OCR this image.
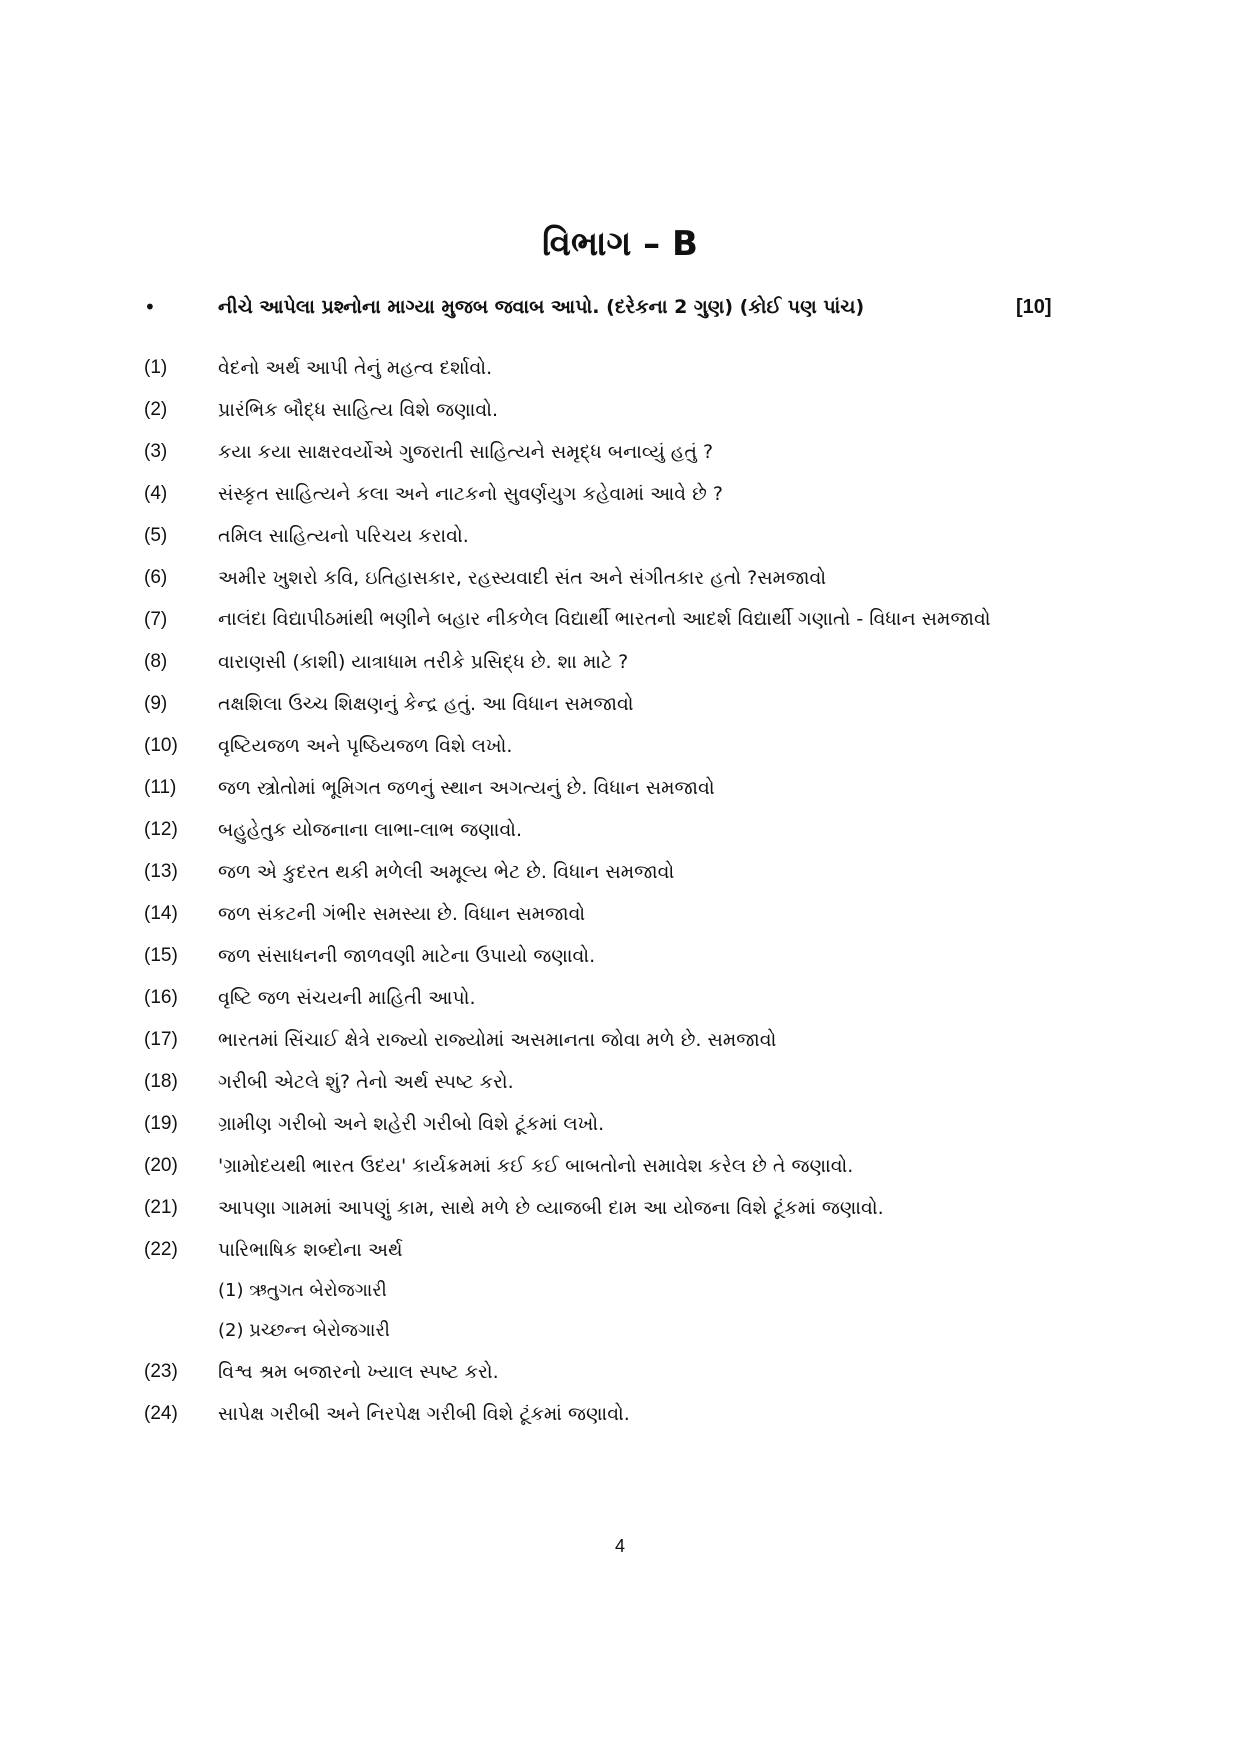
વિભાગ – B
•	નીચે આપેલા પ્રશ્નોના માગ્યા મુજબ જવાબ આપો. (દરેકના 2 ગુણ) (કોઈ પણ પાંચ)	[10]
(1)	વેદનો અર્થ આપી તેનું મહત્વ દર્શાવો.
(2)	પ્રારંભિક બૌદ્ધ સાહિત્ય વિશે જણાવો.
(3)	કયા કયા સાક્ષરવર્યોએ ગુજરાતી સાહિત્યને સમૃદ્ધ બનાવ્યું હતું ?
(4)	સંસ્કૃત સાહિત્યને કલા અને નાટકનો સુવર્ણયુગ કહેવામાં આવે છે ?
(5)	તમિલ સાહિત્યનો પરિચય કરાવો.
(6)	અમીર ખુશરો કવિ, ઇતિહાસકાર, રહસ્યવાદી સંત અને સંગીતકાર હતો ?સમજાવો
(7)	નાલંદા વિદ્યાપીઠમાંથી ભણીને બહાર નીકળેલ વિદ્યાર્થી ભારતનો આદર્શ વિદ્યાર્થી ગણાતો - વિધાન સમજાવો
(8)	વારાણસી (કાશી) યાત્રાધામ તરીકે પ્રસિદ્ધ છે. શા માટે ?
(9)	તક્ષશિલા ઉચ્ચ શિક્ષણનું કેન્દ્ર હતું. આ વિધાન સમજાવો
(10) વૃષ્ટિયજળ અને પૃષ્ઠિયજળ વિશે લખો.
(11) જળ સ્ત્રોતોમાં ભૂમિગત જળનું સ્થાન અગત્યનું છે. વિધાન સમજાવો
(12) બહુહેતુક યોજનાના લાભા-લાભ જણાવો.
(13) જળ એ કુદરત થકી મળેલી અમૂલ્ય ભેટ છે. વિધાન સમજાવો
(14) જળ સંકટની ગંભીર સમસ્યા છે. વિધાન સમજાવો
(15) જળ સંસાધનની જાળવણી માટેના ઉપાયો જણાવો.
(16) વૃષ્ટિ જળ સંચયની માહિતી આપો.
(17) ભારતમાં સિંચાઈ ક્ષેત્રે રાજ્યો રાજ્યોમાં અસમાનતા જોવા મળે છે. સમજાવો
(18) ગરીબી એટલે શું? તેનો અર્થ સ્પષ્ટ કરો.
(19) ગ્રામીણ ગરીબો અને શહેરી ગરીબો વિશે ટૂંકમાં લખો.
(20) 'ગ્રામોદયથી ભારત ઉદય' કાર્યક્રમમાં કઈ કઈ બાબતોનો સમાવેશ કરેલ છે તે જણાવો.
(21) આપણા ગામમાં આપણું કામ, સાથે મળે છે વ્યાજબી દામ આ યોજના વિશે ટૂંકમાં જણાવો.
(22) પારિભાષિક શબ્દોના અર્થ
(1) ઋતુગત બેરોજગારી
(2) પ્રચ્છન્ન બેરોજગારી
(23) વિશ્વ શ્રમ બજારનો ખ્યાલ સ્પષ્ટ કરો.
(24) સાપેક્ષ ગરીબી અને નિરપેક્ષ ગરીબી વિશે ટૂંકમાં જણાવો.
4
